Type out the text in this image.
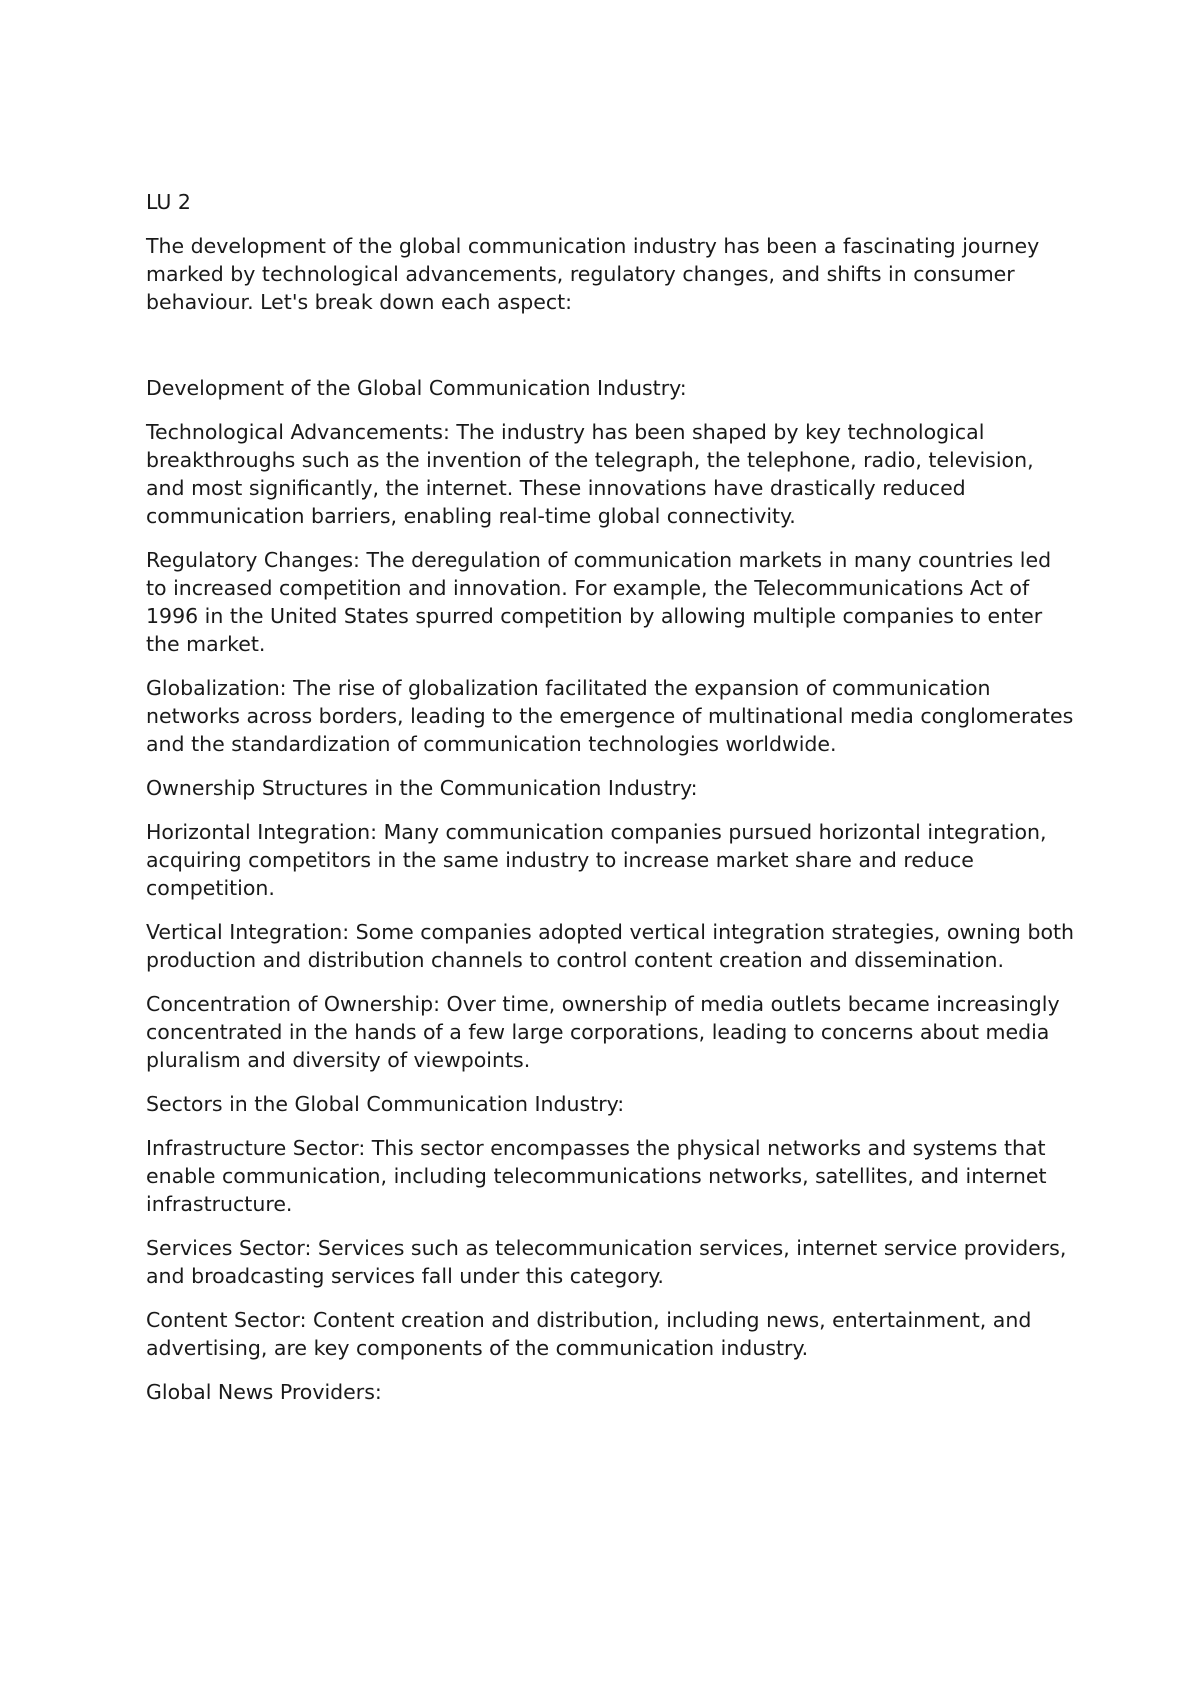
LU 2

The development of the global communication industry has been a fascinating journey marked by technological advancements, regulatory changes, and shifts in consumer behaviour. Let's break down each aspect:

Development of the Global Communication Industry:

Technological Advancements: The industry has been shaped by key technological breakthroughs such as the invention of the telegraph, the telephone, radio, television, and most significantly, the internet. These innovations have drastically reduced communication barriers, enabling real-time global connectivity.

Regulatory Changes: The deregulation of communication markets in many countries led to increased competition and innovation. For example, the Telecommunications Act of 1996 in the United States spurred competition by allowing multiple companies to enter the market.

Globalization: The rise of globalization facilitated the expansion of communication networks across borders, leading to the emergence of multinational media conglomerates and the standardization of communication technologies worldwide.

Ownership Structures in the Communication Industry:

Horizontal Integration: Many communication companies pursued horizontal integration, acquiring competitors in the same industry to increase market share and reduce competition.

Vertical Integration: Some companies adopted vertical integration strategies, owning both production and distribution channels to control content creation and dissemination.

Concentration of Ownership: Over time, ownership of media outlets became increasingly concentrated in the hands of a few large corporations, leading to concerns about media pluralism and diversity of viewpoints.

Sectors in the Global Communication Industry:

Infrastructure Sector: This sector encompasses the physical networks and systems that enable communication, including telecommunications networks, satellites, and internet infrastructure.

Services Sector: Services such as telecommunication services, internet service providers, and broadcasting services fall under this category.

Content Sector: Content creation and distribution, including news, entertainment, and advertising, are key components of the communication industry.

Global News Providers:
